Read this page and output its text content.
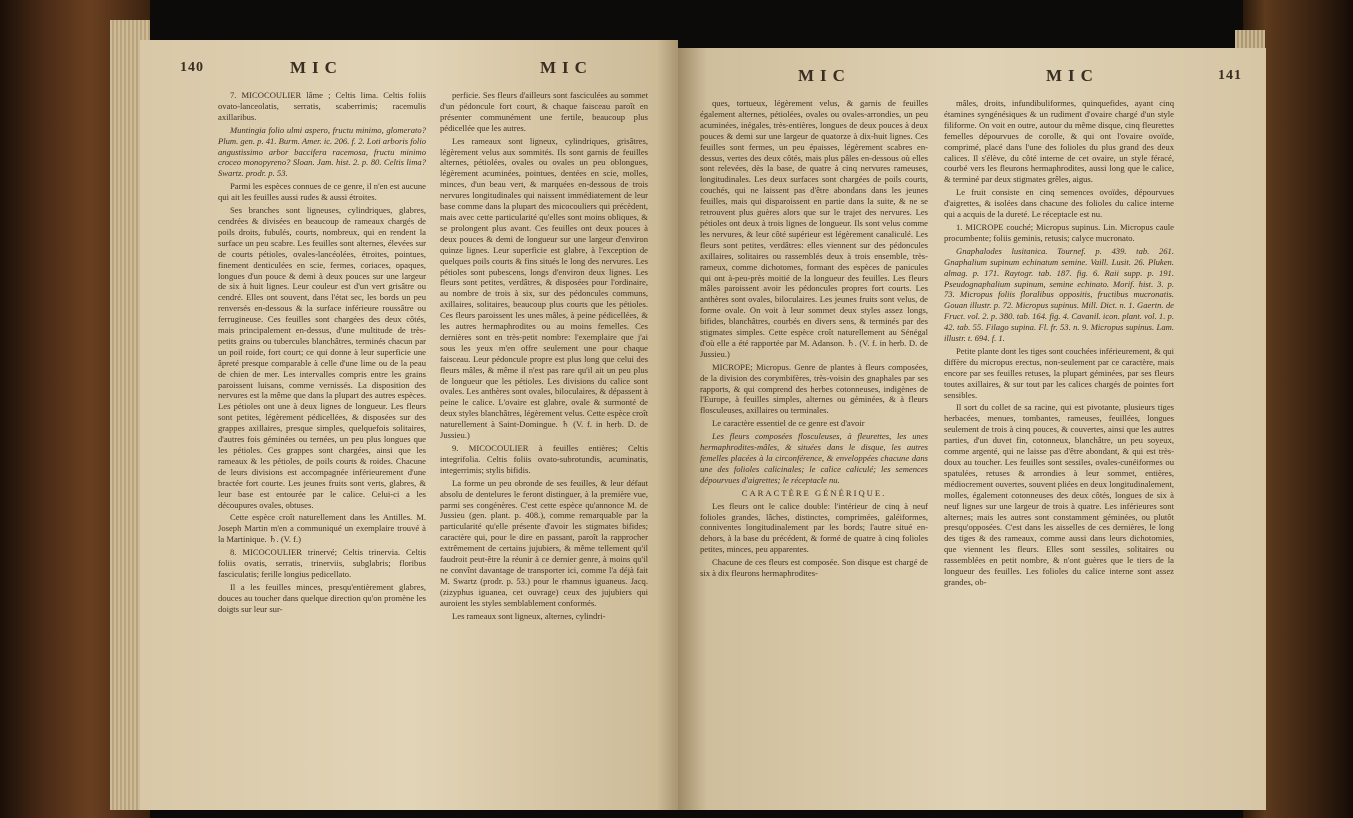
140	MIC	MIC

7. MICOCOULIER lâme ; Celtis lima. Celtis foliis ovato-lanceolatis, serratis, scaberrimis; racemulis axillaribus.

Muntingia folio ulmi aspero, fructu minimo, glomerato? Plum. gen. p. 41. Burm. Amer. ic. 206. f. 2. Loti arboris folio angustissimo arbor baccifera racemosa, fructu minimo croceo monopyreno? Sloan. Jam. hist. 2. p. 80. Celtis lima? Swartz. prodr. p. 53.

Parmi les espèces connues de ce genre, il n'en est aucune qui ait les feuilles aussi rudes & aussi étroites.

Ses branches sont ligneuses, cylindriques, glabres, cendrées & divisées en beaucoup de rameaux chargés de poils droits, fubulés, courts, nombreux, qui en rendent la surface un peu scabre. Les feuilles sont alternes, élevées sur de courts pétioles, ovales-lancéolées, étroites, pointues, finement denticulées en scie, fermes, coriaces, opaques, longues d'un pouce & demi à deux pouces sur une largeur de six à huit lignes. Leur couleur est d'un vert grisâtre ou cendré. Elles ont souvent, dans l'état sec, les bords un peu renversés en-dessous & la surface inférieure roussâtre ou ferrugineuse. Ces feuilles sont chargées des deux côtés, mais principalement en-dessus, d'une multitude de très-petits grains ou tubercules blanchâtres, terminés chacun par un poil roide, fort court; ce qui donne à leur superficie une âpreté presque comparable à celle d'une lime ou de la peau de chien de mer. Les intervalles compris entre les grains paroissent luisans, comme vernissés. La disposition des nervures est la même que dans la plupart des autres espèces. Les pétioles ont une à deux lignes de longueur. Les fleurs sont petites, légèrement pédicellées, & disposées sur des grappes axillaires, presque simples, quelquefois solitaires, d'autres fois géminées ou ternées, un peu plus longues que les pétioles. Ces grappes sont chargées, ainsi que les rameaux & les pétioles, de poils courts & roides. Chacune de leurs divisions est accompagnée inférieurement d'une bractée fort courte. Les jeunes fruits sont verts, glabres, & leur base est entourée par le calice. Celui-ci a les découpures ovales, obtuses.

Cette espèce croît naturellement dans les Antilles. M. Joseph Martin m'en a communiqué un exemplaire trouvé à la Martinique. ♄. (V. f.)

8. MICOCOULIER trinervé; Celtis trinervia. Celtis foliis ovatis, serratis, trinerviis, subglabris; floribus fasciculatis; ferille longius pedicellato.

Il a les feuilles minces, presqu'entièrement glabres, douces au toucher dans quelque direction qu'on promène les doigts sur leur sur-

perficie. Ses fleurs d'ailleurs sont fasciculées au sommet d'un pédoncule fort court, & chaque faisceau paroît en présenter communément une fertile, beaucoup plus pédicellée que les autres.

Les rameaux sont ligneux, cylindriques, grisâtres, légèrement velus aux sommités. Ils sont garnis de feuilles alternes, pétiolées, ovales ou ovales un peu oblongues, légèrement acuminées, pointues, dentées en scie, molles, minces, d'un beau vert, & marquées en-dessous de trois nervures longitudinales qui naissent immédiatement de leur base comme dans la plupart des micocouliers qui précèdent, mais avec cette particularité qu'elles sont moins obliques, & se prolongent plus avant. Ces feuilles ont deux pouces à deux pouces & demi de longueur sur une largeur d'environ quinze lignes. Leur superficie est glabre, à l'exception de quelques poils courts & fins situés le long des nervures. Les pétioles sont pubescens, longs d'environ deux lignes. Les fleurs sont petites, verdâtres, & disposées pour l'ordinaire, au nombre de trois à six, sur des pédoncules communs, axillaires, solitaires, beaucoup plus courts que les pétioles. Ces fleurs paroissent les unes mâles, à peine pédicellées, & les autres hermaphrodites ou au moins femelles. Ces dernières sont en très-petit nombre: l'exemplaire que j'ai sous les yeux m'en offre seulement une pour chaque faisceau. Leur pédoncule propre est plus long que celui des fleurs mâles, & même il n'est pas rare qu'il ait un peu plus de longueur que les pétioles. Les divisions du calice sont ovales. Les anthères sont ovales, biloculaires, & dépassent à peine le calice. L'ovaire est glabre, ovale & surmonté de deux styles blanchâtres, légèrement velus. Cette espèce croît naturellement à Saint-Domingue. ♄ (V. f. in herb. D. de Jussieu.)

9. MICOCOULIER à feuilles entières; Celtis integrifolia. Celtis foliis ovato-subrotundis, acuminatis, integerrimis; stylis bifidis.

La forme un peu obronde de ses feuilles, & leur défaut absolu de dentelures le feront distinguer, à la première vue, parmi ses congénères. C'est cette espèce qu'annonce M. de Jussieu (gen. plant. p. 408.), comme remarquable par la particularité qu'elle présente d'avoir les stigmates bifides; caractère qui, pour le dire en passant, paroît la rapprocher extrêmement de certains jujubiers, & même tellement qu'il faudroit peut-être la réunir à ce dernier genre, à moins qu'il ne convînt davantage de transporter ici, comme l'a déjà fait M. Swartz (prodr. p. 53.) pour le rhamnus iguaneus. Jacq. (zizyphus iguanea, cet ouvrage) ceux des jujubiers qui auroient les styles semblablement conformés.

Les rameaux sont ligneux, alternes, cylindri-

MIC	MIC	141

ques, tortueux, légèrement velus, & garnis de feuilles également alternes, pétiolées, ovales ou ovales-arrondies, un peu acuminées, inégales, très-entières, longues de deux pouces à deux pouces & demi sur une largeur de quatorze à dix-huit lignes. Ces feuilles sont fermes, un peu épaisses, légèrement scabres en-dessus, vertes des deux côtés, mais plus pâles en-dessous où elles sont relevées, dès la base, de quatre à cinq nervures rameuses, longitudinales. Les deux surfaces sont chargées de poils courts, couchés, qui ne laissent pas d'être abondans dans les jeunes feuilles, mais qui disparoissent en partie dans la suite, & ne se retrouvent plus guères alors que sur le trajet des nervures. Les pétioles ont deux à trois lignes de longueur. Ils sont velus comme les nervures, & leur côté supérieur est légèrement canaliculé. Les fleurs sont petites, verdâtres: elles viennent sur des pédoncules axillaires, solitaires ou rassemblés deux à trois ensemble, très-rameux, comme dichotomes, formant des espèces de panicules qui ont à-peu-près moitié de la longueur des feuilles. Les fleurs mâles paroissent avoir les pédoncules propres fort courts. Les anthères sont ovales, biloculaires. Les jeunes fruits sont velus, de forme ovale. On voit à leur sommet deux styles assez longs, bifides, blanchâtres, courbés en divers sens, & terminés par des stigmates simples. Cette espèce croît naturellement au Sénégal d'où elle a été rapportée par M. Adanson. ♄. (V. f. in herb. D. de Jussieu.)

MICROPE; Micropus. Genre de plantes à fleurs composées, de la division des corymbifères, très-voisin des gnaphales par ses rapports, & qui comprend des herbes cotonneuses, indigènes de l'Europe, à feuilles simples, alternes ou géminées, & à fleurs flosculeuses, axillaires ou terminales.

Le caractère essentiel de ce genre est d'avoir

Les fleurs composées flosculeuses, à fleurettes, les unes hermaphrodites-mâles, & situées dans le disque, les autres femelles placées à la circonférence, & enveloppées chacune dans une des folioles calicinales; le calice caliculé; les semences dépourvues d'aigrettes; le réceptacle nu.

CARACTÈRE GÉNÉRIQUE.

Les fleurs ont le calice double: l'intérieur de cinq à neuf folioles grandes, lâches, distinctes, comprimées, galéiformes, conniventes longitudinalement par les bords; l'autre situé en-dehors, à la base du précédent, & formé de quatre à cinq folioles petites, minces, peu apparentes.

Chacune de ces fleurs est composée. Son disque est chargé de six à dix fleurons hermaphrodites-

mâles, droits, infundibuliformes, quinquefides, ayant cinq étamines syngénésiques & un rudiment d'ovaire chargé d'un style filiforme. On voit en outre, autour du même disque, cinq fleurettes femelles dépourvues de corolle, & qui ont l'ovaire ovoïde, comprimé, placé dans l'une des folioles du plus grand des deux calices. Il s'élève, du côté interne de cet ovaire, un style féracé, courbé vers les fleurons hermaphrodites, aussi long que le calice, & terminé par deux stigmates grêles, aigus.

Le fruit consiste en cinq semences ovoïdes, dépourvues d'aigrettes, & isolées dans chacune des folioles du calice interne qui a acquis de la dureté. Le réceptacle est nu.

1. MICROPE couché; Micropus supinus. Lin. Micropus caule procumbente; foliis geminis, retusis; calyce mucronato.

Gnaphalodes lusitanica. Tournef. p. 439. tab. 261. Gnaphalium supinum echinatum semine. Vaill. Lusit. 26. Pluken. almag. p. 171. Raytogr. tab. 187. fig. 6. Raii supp. p. 191. Pseudognaphalium supinum, semine echinato. Morif. hist. 3. p. 73. Micropus foliis floralibus oppositis, fructibus mucronatis. Gouan illustr. p. 72. Micropus supinus. Mill. Dict. n. 1. Gaertn. de Fruct. vol. 2. p. 380. tab. 164. fig. 4. Cavanil. icon. plant. vol. 1. p. 42. tab. 55. Filago supina. Fl. fr. 53. n. 9. Micropus supinus. Lam. illustr. t. 694. f. 1.

Petite plante dont les tiges sont couchées inférieurement, & qui diffère du micropus erectus, non-seulement par ce caractère, mais encore par ses feuilles retuses, la plupart géminées, par ses fleurs toutes axillaires, & sur tout par les calices chargés de pointes fort sensibles.

Il sort du collet de sa racine, qui est pivotante, plusieurs tiges herbacées, menues, tombantes, rameuses, feuillées, longues seulement de trois à cinq pouces, & couvertes, ainsi que les autres parties, d'un duvet fin, cotonneux, blanchâtre, un peu soyeux, comme argenté, qui ne laisse pas d'être abondant, & qui est très-doux au toucher. Les feuilles sont sessiles, ovales-cunéiformes ou spatulées, retuses & arrondies à leur sommet, entières, médiocrement ouvertes, souvent pliées en deux longitudinalement, molles, également cotonneuses des deux côtés, longues de six à neuf lignes sur une largeur de trois à quatre. Les inférieures sont alternes; mais les autres sont constamment géminées, ou plutôt presqu'opposées. C'est dans les aisselles de ces dernières, le long des tiges & des rameaux, comme aussi dans leurs dichotomies, que viennent les fleurs. Elles sont sessiles, solitaires ou rassemblées en petit nombre, & n'ont guères que le tiers de la longueur des feuilles. Les folioles du calice interne sont assez grandes, ob-
